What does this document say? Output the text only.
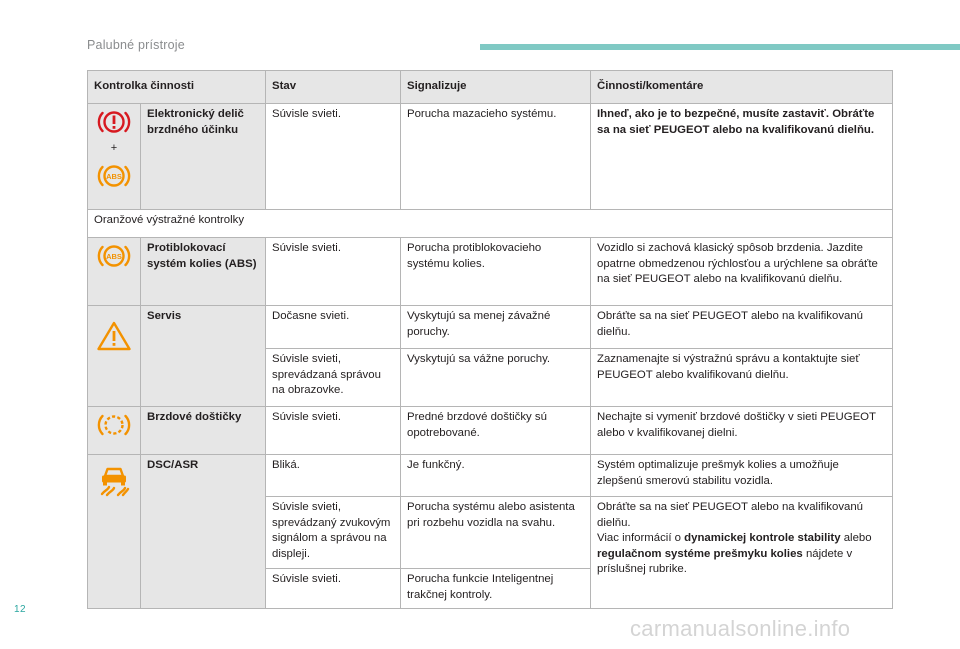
Palubné prístroje
Kontrolka činnosti		Stav	Signalizuje	Činnosti/komentáre

+
ABS	Elektronický delič brzdného účinku	Súvisle svieti.	Porucha mazacieho systému.	Ihneď, ako je to bezpečné, musíte zastaviť. Obráťte sa na sieť PEUGEOT alebo na kvalifikovanú dielňu.
Oranžové výstražné kontrolky				

ABS	Protiblokovací systém kolies (ABS)	Súvisle svieti.	Porucha protiblokovacieho systému kolies.	Vozidlo si zachová klasický spôsob brzdenia. Jazdite opatrne obmedzenou rýchlosťou a urýchlene sa obráťte na sieť PEUGEOT alebo na kvalifikovanú dielňu.

	Servis	Dočasne svieti.	Vyskytujú sa menej závažné poruchy.	Obráťte sa na sieť PEUGEOT alebo na kvalifikovanú dielňu.
		Súvisle svieti, sprevádzaná správou na obrazovke.	Vyskytujú sa vážne poruchy.	Zaznamenajte si výstražnú správu a kontaktujte sieť PEUGEOT alebo kvalifikovanú dielňu.

	Brzdové doštičky	Súvisle svieti.	Predné brzdové doštičky sú opotrebované.	Nechajte si vymeniť brzdové doštičky v sieti PEUGEOT alebo v kvalifikovanej dielni.

	DSC/ASR	Bliká.	Je funkčný.	Systém optimalizuje prešmyk kolies a umožňuje zlepšenú smerovú stabilitu vozidla.
		Súvisle svieti, sprevádzaný zvukovým signálom a správou na displeji.	Porucha systému alebo asistenta pri rozbehu vozidla na svahu.	Obráťte sa na sieť PEUGEOT alebo na kvalifikovanú dielňu.
Viac informácií o dynamickej kontrole stability alebo regulačnom systéme prešmyku kolies nájdete v príslušnej rubrike.
		Súvisle svieti.	Porucha funkcie Inteligentnej trakčnej kontroly.	
12
carmanualsonline.info
